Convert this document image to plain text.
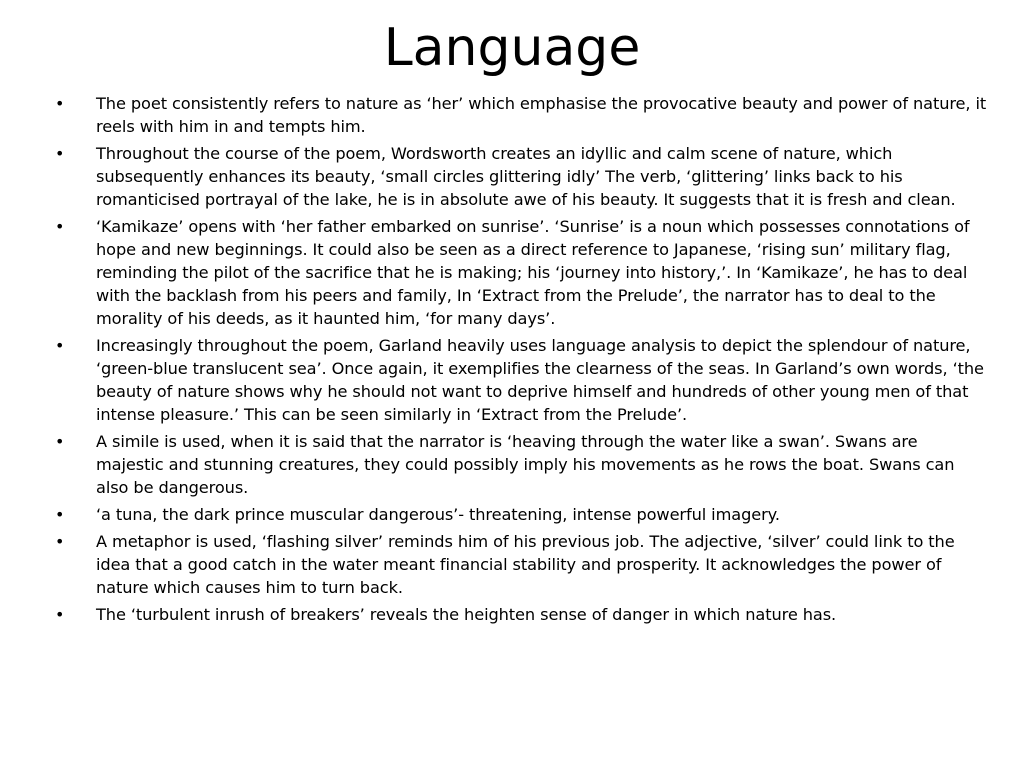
Language
• The poet consistently refers to nature as ‘her’ which emphasise the provocative beauty and power of nature, it reels with him in and tempts him.
• Throughout the course of the poem, Wordsworth creates an idyllic and calm scene of nature, which subsequently enhances its beauty, ‘small circles glittering idly’ The verb, ‘glittering’ links back to his romanticised portrayal of the lake, he is in absolute awe of his beauty. It suggests that it is fresh and clean.
• ‘Kamikaze’ opens with ‘her father embarked on sunrise’. ‘Sunrise’ is a noun which possesses connotations of hope and new beginnings. It could also be seen as a direct reference to Japanese, ‘rising sun’ military flag, reminding the pilot of the sacrifice that he is making; his ‘journey into history,’. In ‘Kamikaze’, he has to deal with the backlash from his peers and family, In ‘Extract from the Prelude’, the narrator has to deal to the morality of his deeds, as it haunted him, ‘for many days’.
• Increasingly throughout the poem, Garland heavily uses language analysis to depict the splendour of nature, ‘green-blue translucent sea’. Once again, it exemplifies the clearness of the seas. In Garland’s own words, ‘the beauty of nature shows why he should not want to deprive himself and hundreds of other young men of that intense pleasure.’ This can be seen similarly in ‘Extract from the Prelude’.
• A simile is used, when it is said that the narrator is ‘heaving through the water like a swan’. Swans are majestic and stunning creatures, they could possibly imply his movements as he rows the boat. Swans can also be dangerous.
• ‘a tuna, the dark prince muscular dangerous’- threatening, intense powerful imagery.
• A metaphor is used, ‘flashing silver’ reminds him of his previous job. The adjective, ‘silver’ could link to the idea that a good catch in the water meant financial stability and prosperity. It acknowledges the power of nature which causes him to turn back.
• The ‘turbulent inrush of breakers’ reveals the heighten sense of danger in which nature has.
